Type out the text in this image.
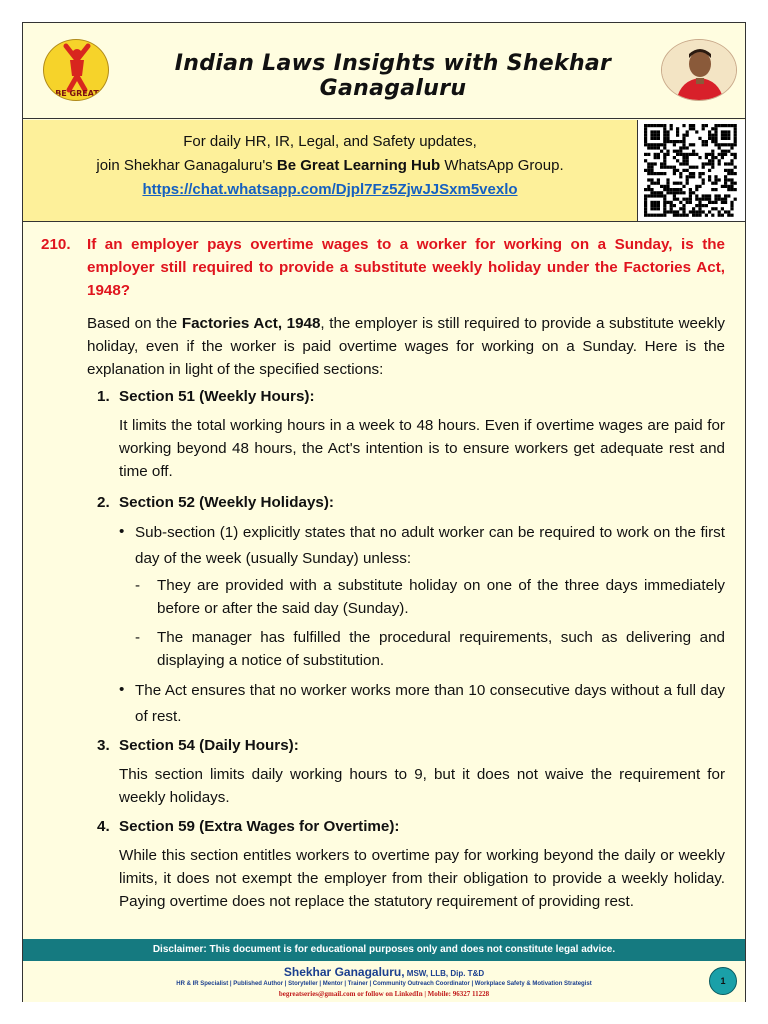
BE GREAT
Indian Laws Insights with Shekhar Ganagaluru
For daily HR, IR, Legal, and Safety updates,
join Shekhar Ganagaluru's Be Great Learning Hub WhatsApp Group.
https://chat.whatsapp.com/Djpl7Fz5ZjwJJSxm5vexlo
210.	If an employer pays overtime wages to a worker for working on a Sunday, is the employer still required to provide a substitute weekly holiday under the Factories Act, 1948?
Based on the Factories Act, 1948, the employer is still required to provide a substitute weekly holiday, even if the worker is paid overtime wages for working on a Sunday. Here is the explanation in light of the specified sections:
1. Section 51 (Weekly Hours):
It limits the total working hours in a week to 48 hours. Even if overtime wages are paid for working beyond 48 hours, the Act's intention is to ensure workers get adequate rest and time off.
2. Section 52 (Weekly Holidays):
• Sub-section (1) explicitly states that no adult worker can be required to work on the first day of the week (usually Sunday) unless:
-	They are provided with a substitute holiday on one of the three days immediately before or after the said day (Sunday).
-	The manager has fulfilled the procedural requirements, such as delivering and displaying a notice of substitution.
• The Act ensures that no worker works more than 10 consecutive days without a full day of rest.
3. Section 54 (Daily Hours):
This section limits daily working hours to 9, but it does not waive the requirement for weekly holidays.
4. Section 59 (Extra Wages for Overtime):
While this section entitles workers to overtime pay for working beyond the daily or weekly limits, it does not exempt the employer from their obligation to provide a weekly holiday. Paying overtime does not replace the statutory requirement of providing rest.
Disclaimer: This document is for educational purposes only and does not constitute legal advice.
Shekhar Ganagaluru, MSW, LLB, Dip. T&D
HR & IR Specialist | Published Author | Storyteller | Mentor | Trainer | Community Outreach Coordinator | Workplace Safety & Motivation Strategist
begreatseries@gmail.com or follow on LinkedIn | Mobile: 96327 11228
1
